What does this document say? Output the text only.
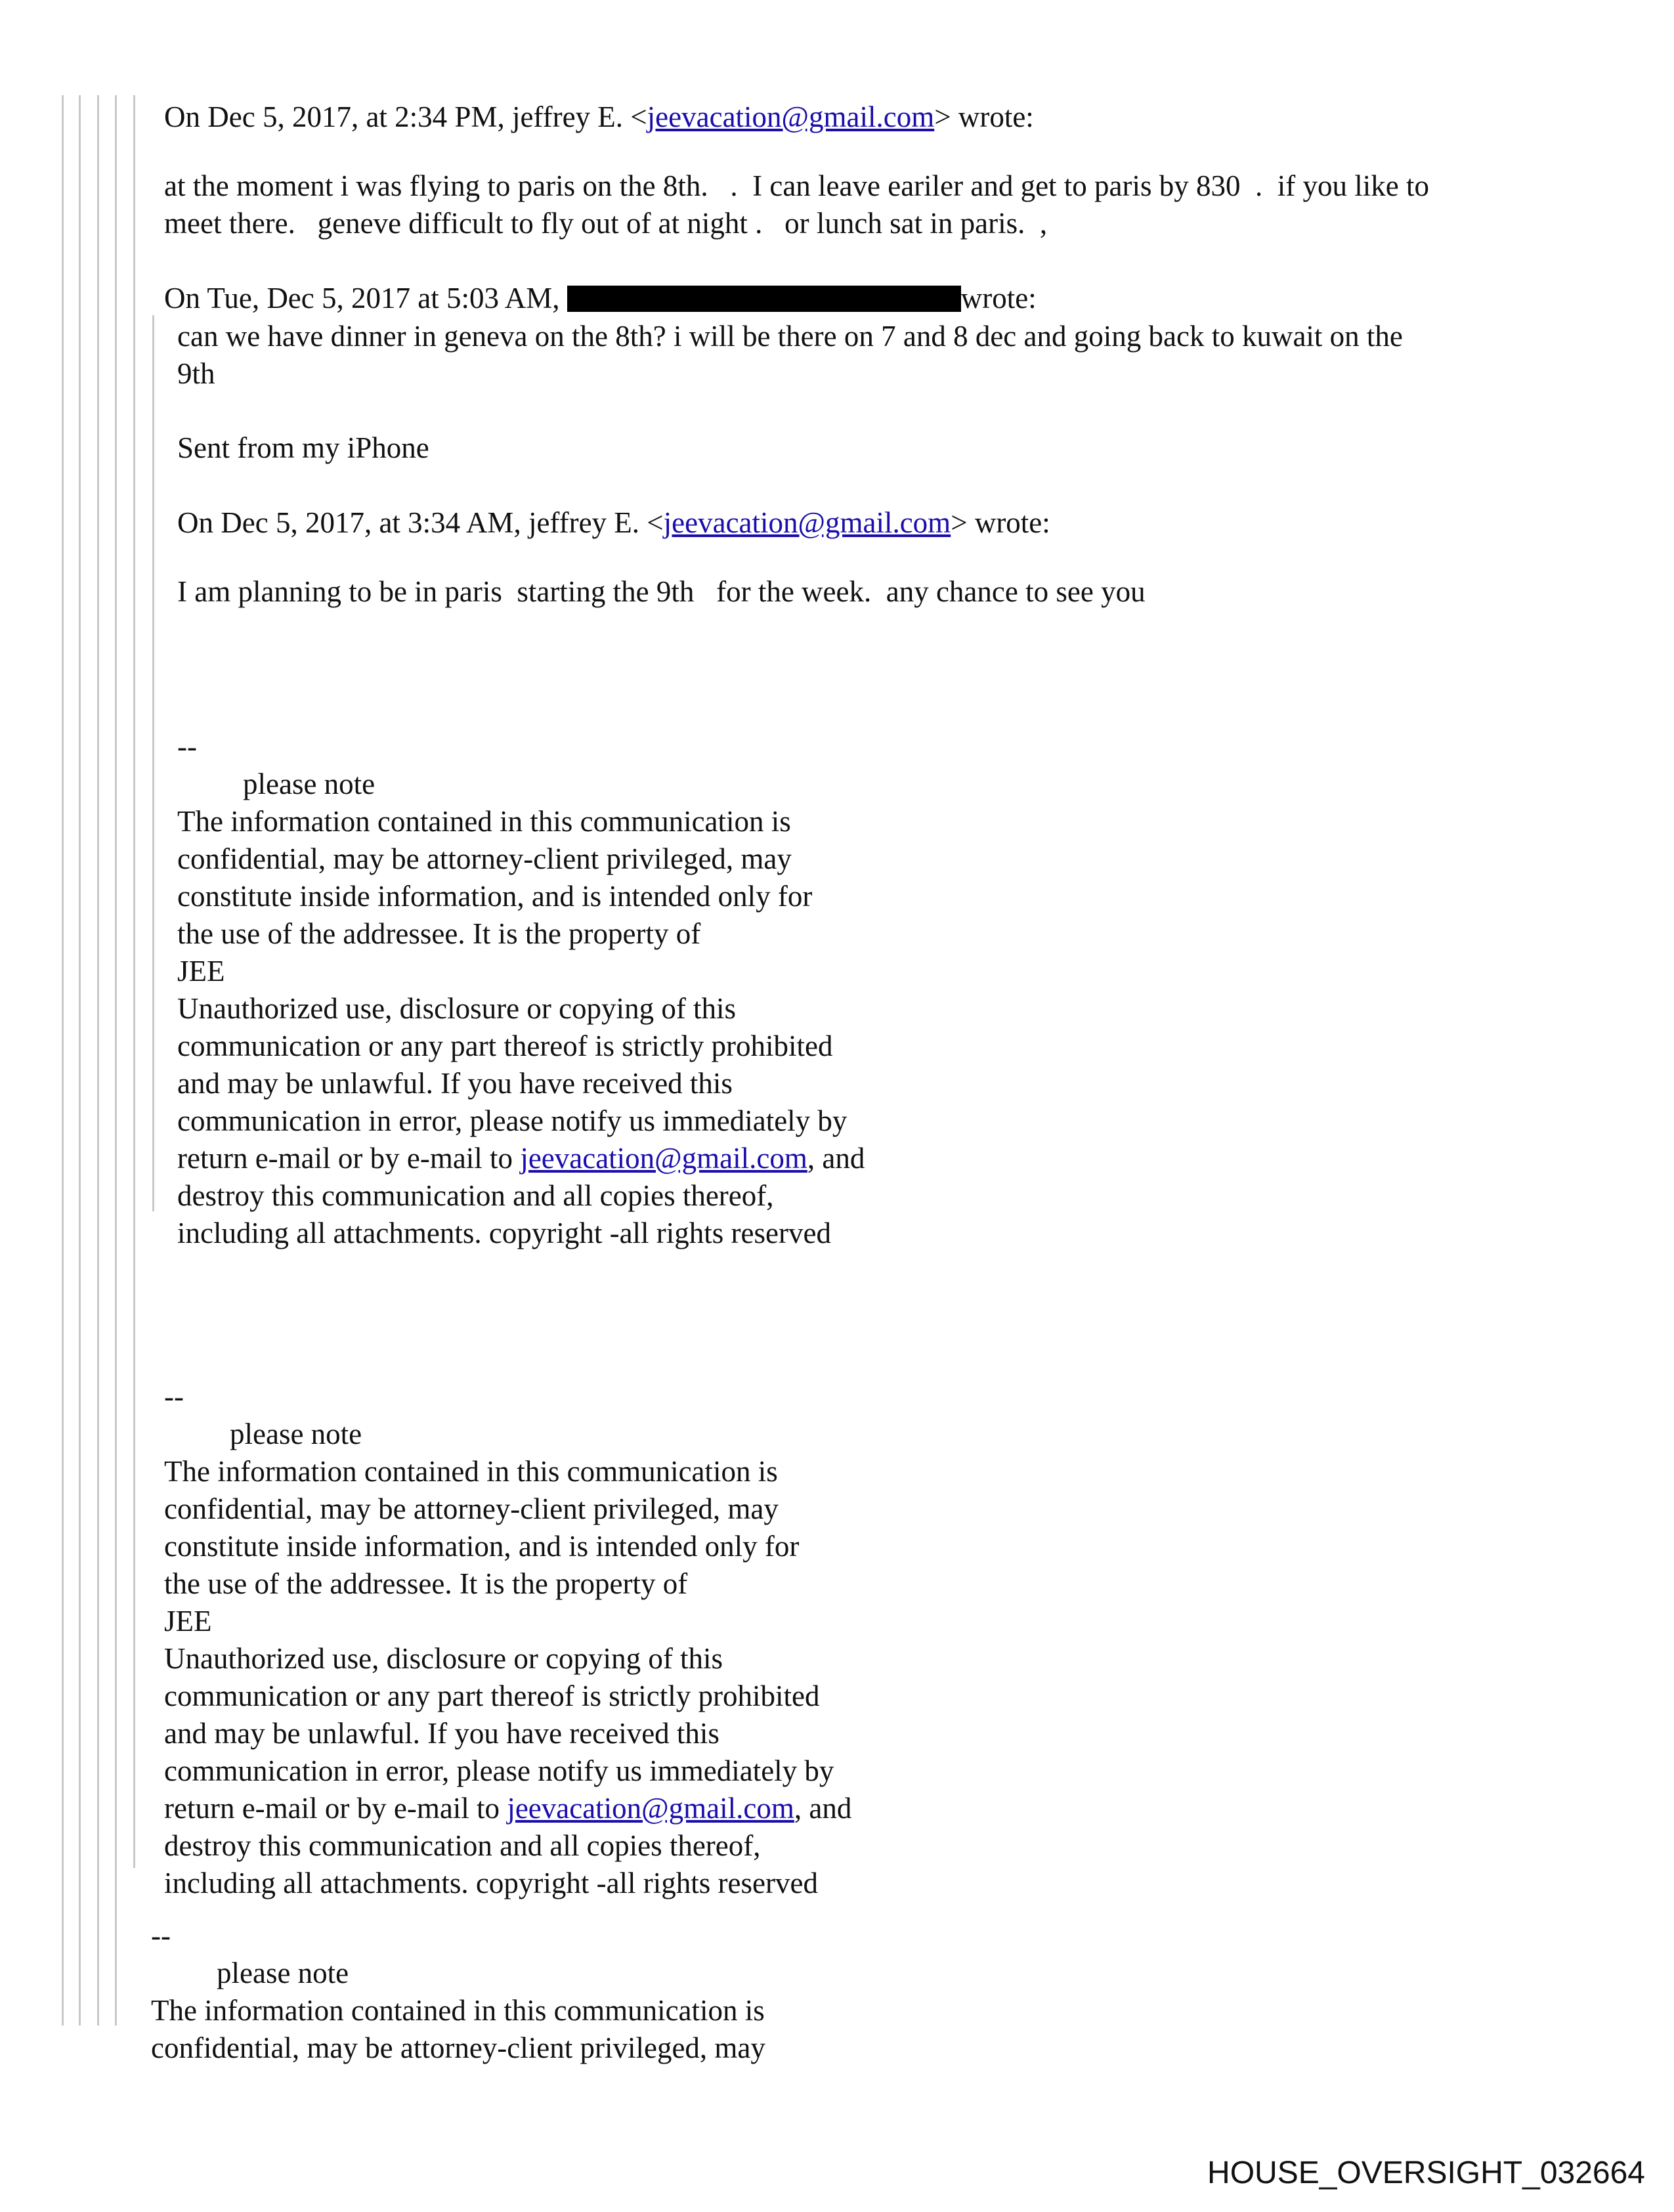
On Dec 5, 2017, at 2:34 PM, jeffrey E. <jeevacation@gmail.com> wrote:
at the moment i was flying to paris on the 8th.   .  I can leave eariler and get to paris by 830  .  if you like to
meet there.   geneve difficult to fly out of at night .   or lunch sat in paris.  ,
On Tue, Dec 5, 2017 at 5:03 AM,	wrote:
can we have dinner in geneva on the 8th? i will be there on 7 and 8 dec and going back to kuwait on the
9th
Sent from my iPhone
On Dec 5, 2017, at 3:34 AM, jeffrey E. <jeevacation@gmail.com> wrote:
I am planning to be in paris  starting the 9th   for the week.  any chance to see you

--
please note
The information contained in this communication is
confidential, may be attorney-client privileged, may
constitute inside information, and is intended only for
the use of the addressee. It is the property of
JEE
Unauthorized use, disclosure or copying of this
communication or any part thereof is strictly prohibited
and may be unlawful. If you have received this
communication in error, please notify us immediately by
return e-mail or by e-mail to jeevacation@gmail.com, and
destroy this communication and all copies thereof,
including all attachments. copyright -all rights reserved

--
please note
The information contained in this communication is
confidential, may be attorney-client privileged, may
constitute inside information, and is intended only for
the use of the addressee. It is the property of
JEE
Unauthorized use, disclosure or copying of this
communication or any part thereof is strictly prohibited
and may be unlawful. If you have received this
communication in error, please notify us immediately by
return e-mail or by e-mail to jeevacation@gmail.com, and
destroy this communication and all copies thereof,
including all attachments. copyright -all rights reserved

--
please note
The information contained in this communication is
confidential, may be attorney-client privileged, may

HOUSE_OVERSIGHT_032664
